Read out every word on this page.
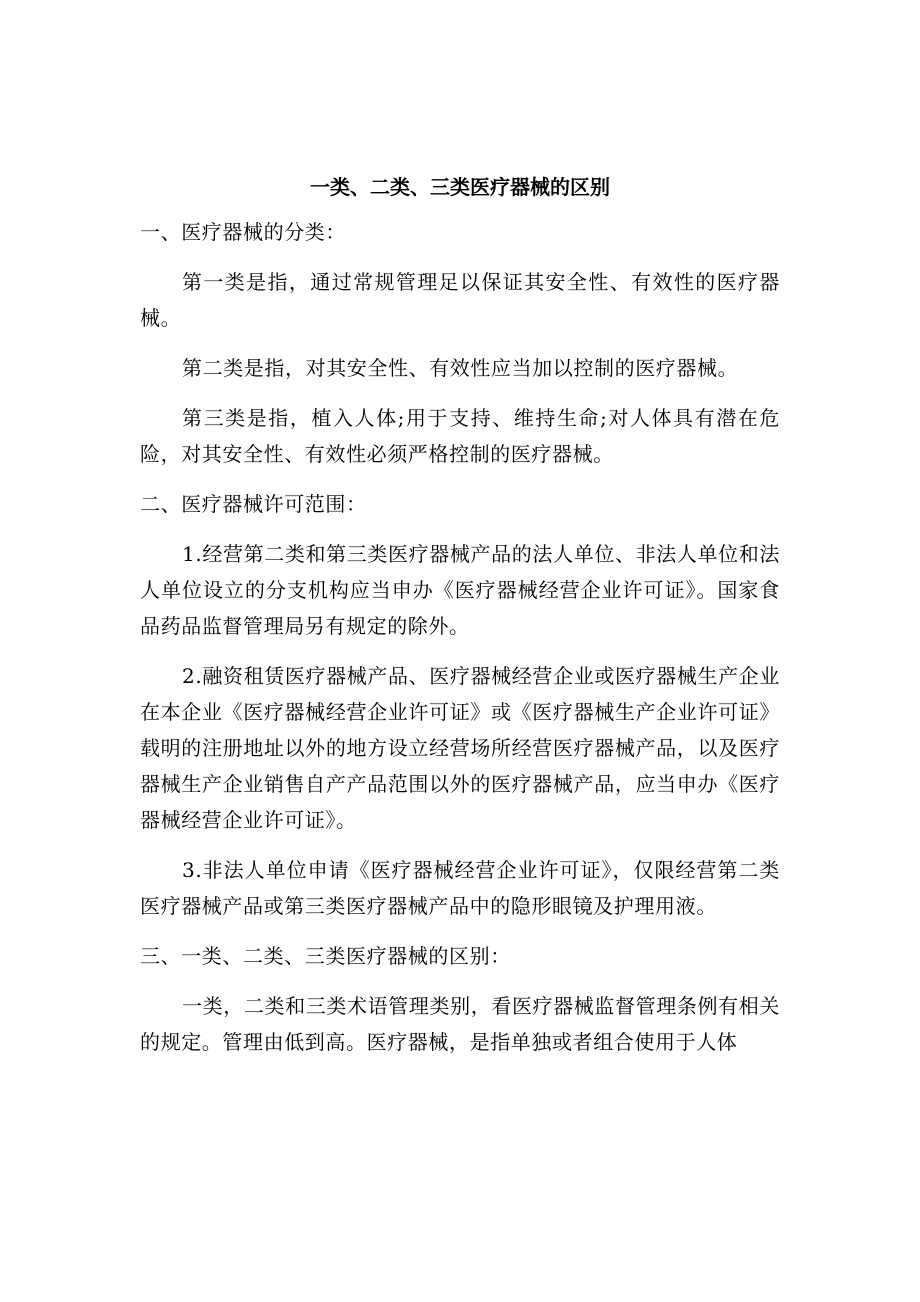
一类、二类、三类医疗器械的区别

一、医疗器械的分类：

第一类是指，通过常规管理足以保证其安全性、有效性的医疗器械。

第二类是指，对其安全性、有效性应当加以控制的医疗器械。

第三类是指，植入人体;用于支持、维持生命;对人体具有潜在危险，对其安全性、有效性必须严格控制的医疗器械。

二、医疗器械许可范围：

1.经营第二类和第三类医疗器械产品的法人单位、非法人单位和法人单位设立的分支机构应当申办《医疗器械经营企业许可证》。国家食品药品监督管理局另有规定的除外。

2.融资租赁医疗器械产品、医疗器械经营企业或医疗器械生产企业在本企业《医疗器械经营企业许可证》或《医疗器械生产企业许可证》载明的注册地址以外的地方设立经营场所经营医疗器械产品，以及医疗器械生产企业销售自产产品范围以外的医疗器械产品，应当申办《医疗器械经营企业许可证》。

3.非法人单位申请《医疗器械经营企业许可证》，仅限经营第二类医疗器械产品或第三类医疗器械产品中的隐形眼镜及护理用液。

三、一类、二类、三类医疗器械的区别：

一类，二类和三类术语管理类别，看医疗器械监督管理条例有相关的规定。管理由低到高。医疗器械，是指单独或者组合使用于人体
